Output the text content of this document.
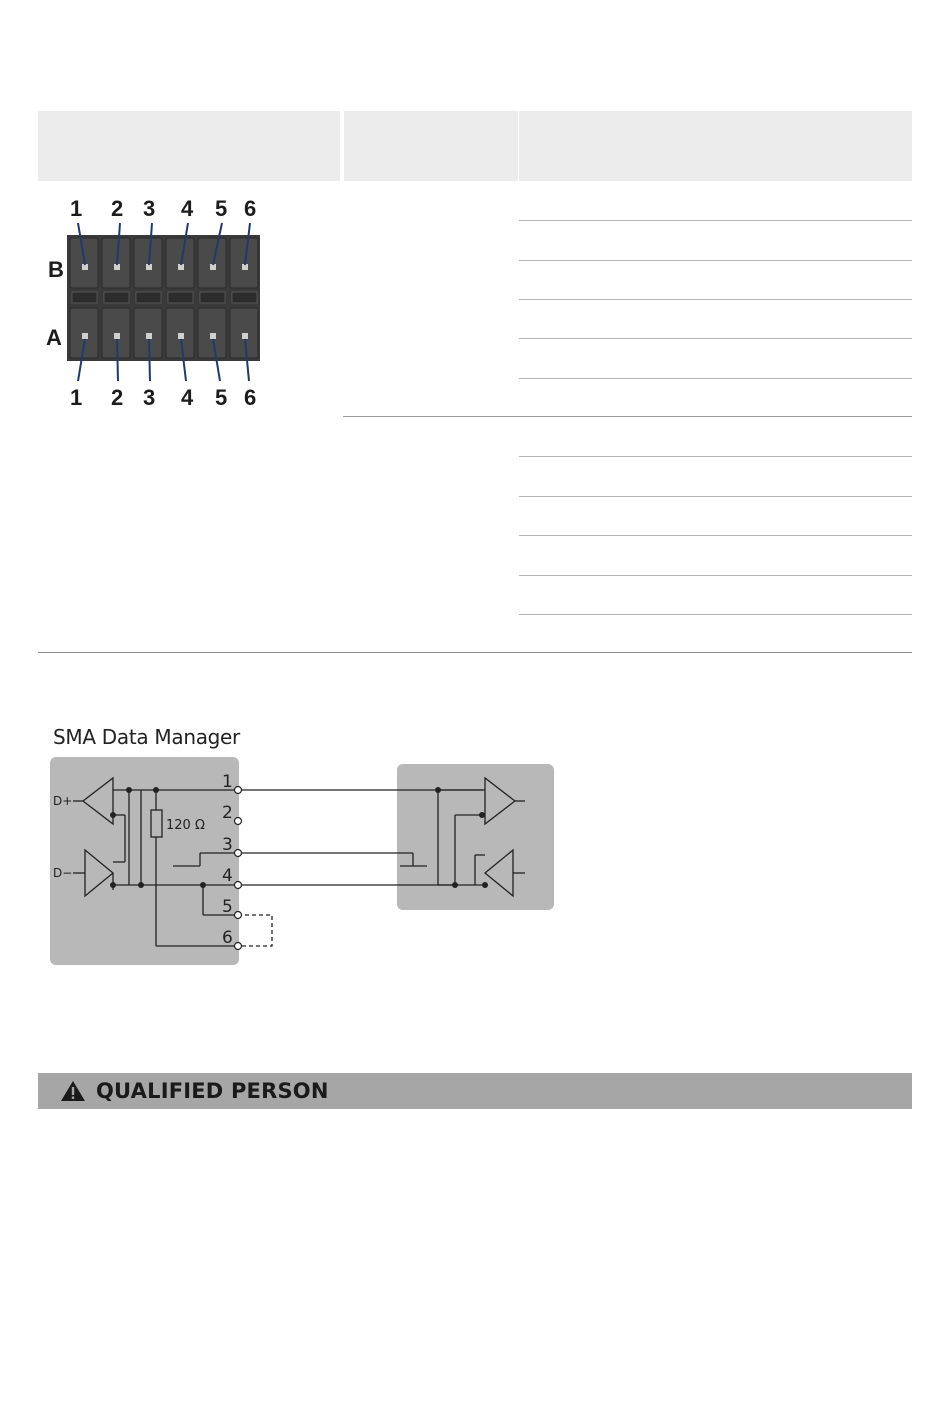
B
A
1 2 3 4 5 6
1 2 3 4 5 6
SMA Data Manager
D+
D−
120 Ω
1
2
3
4
5
6
QUALIFIED PERSON
